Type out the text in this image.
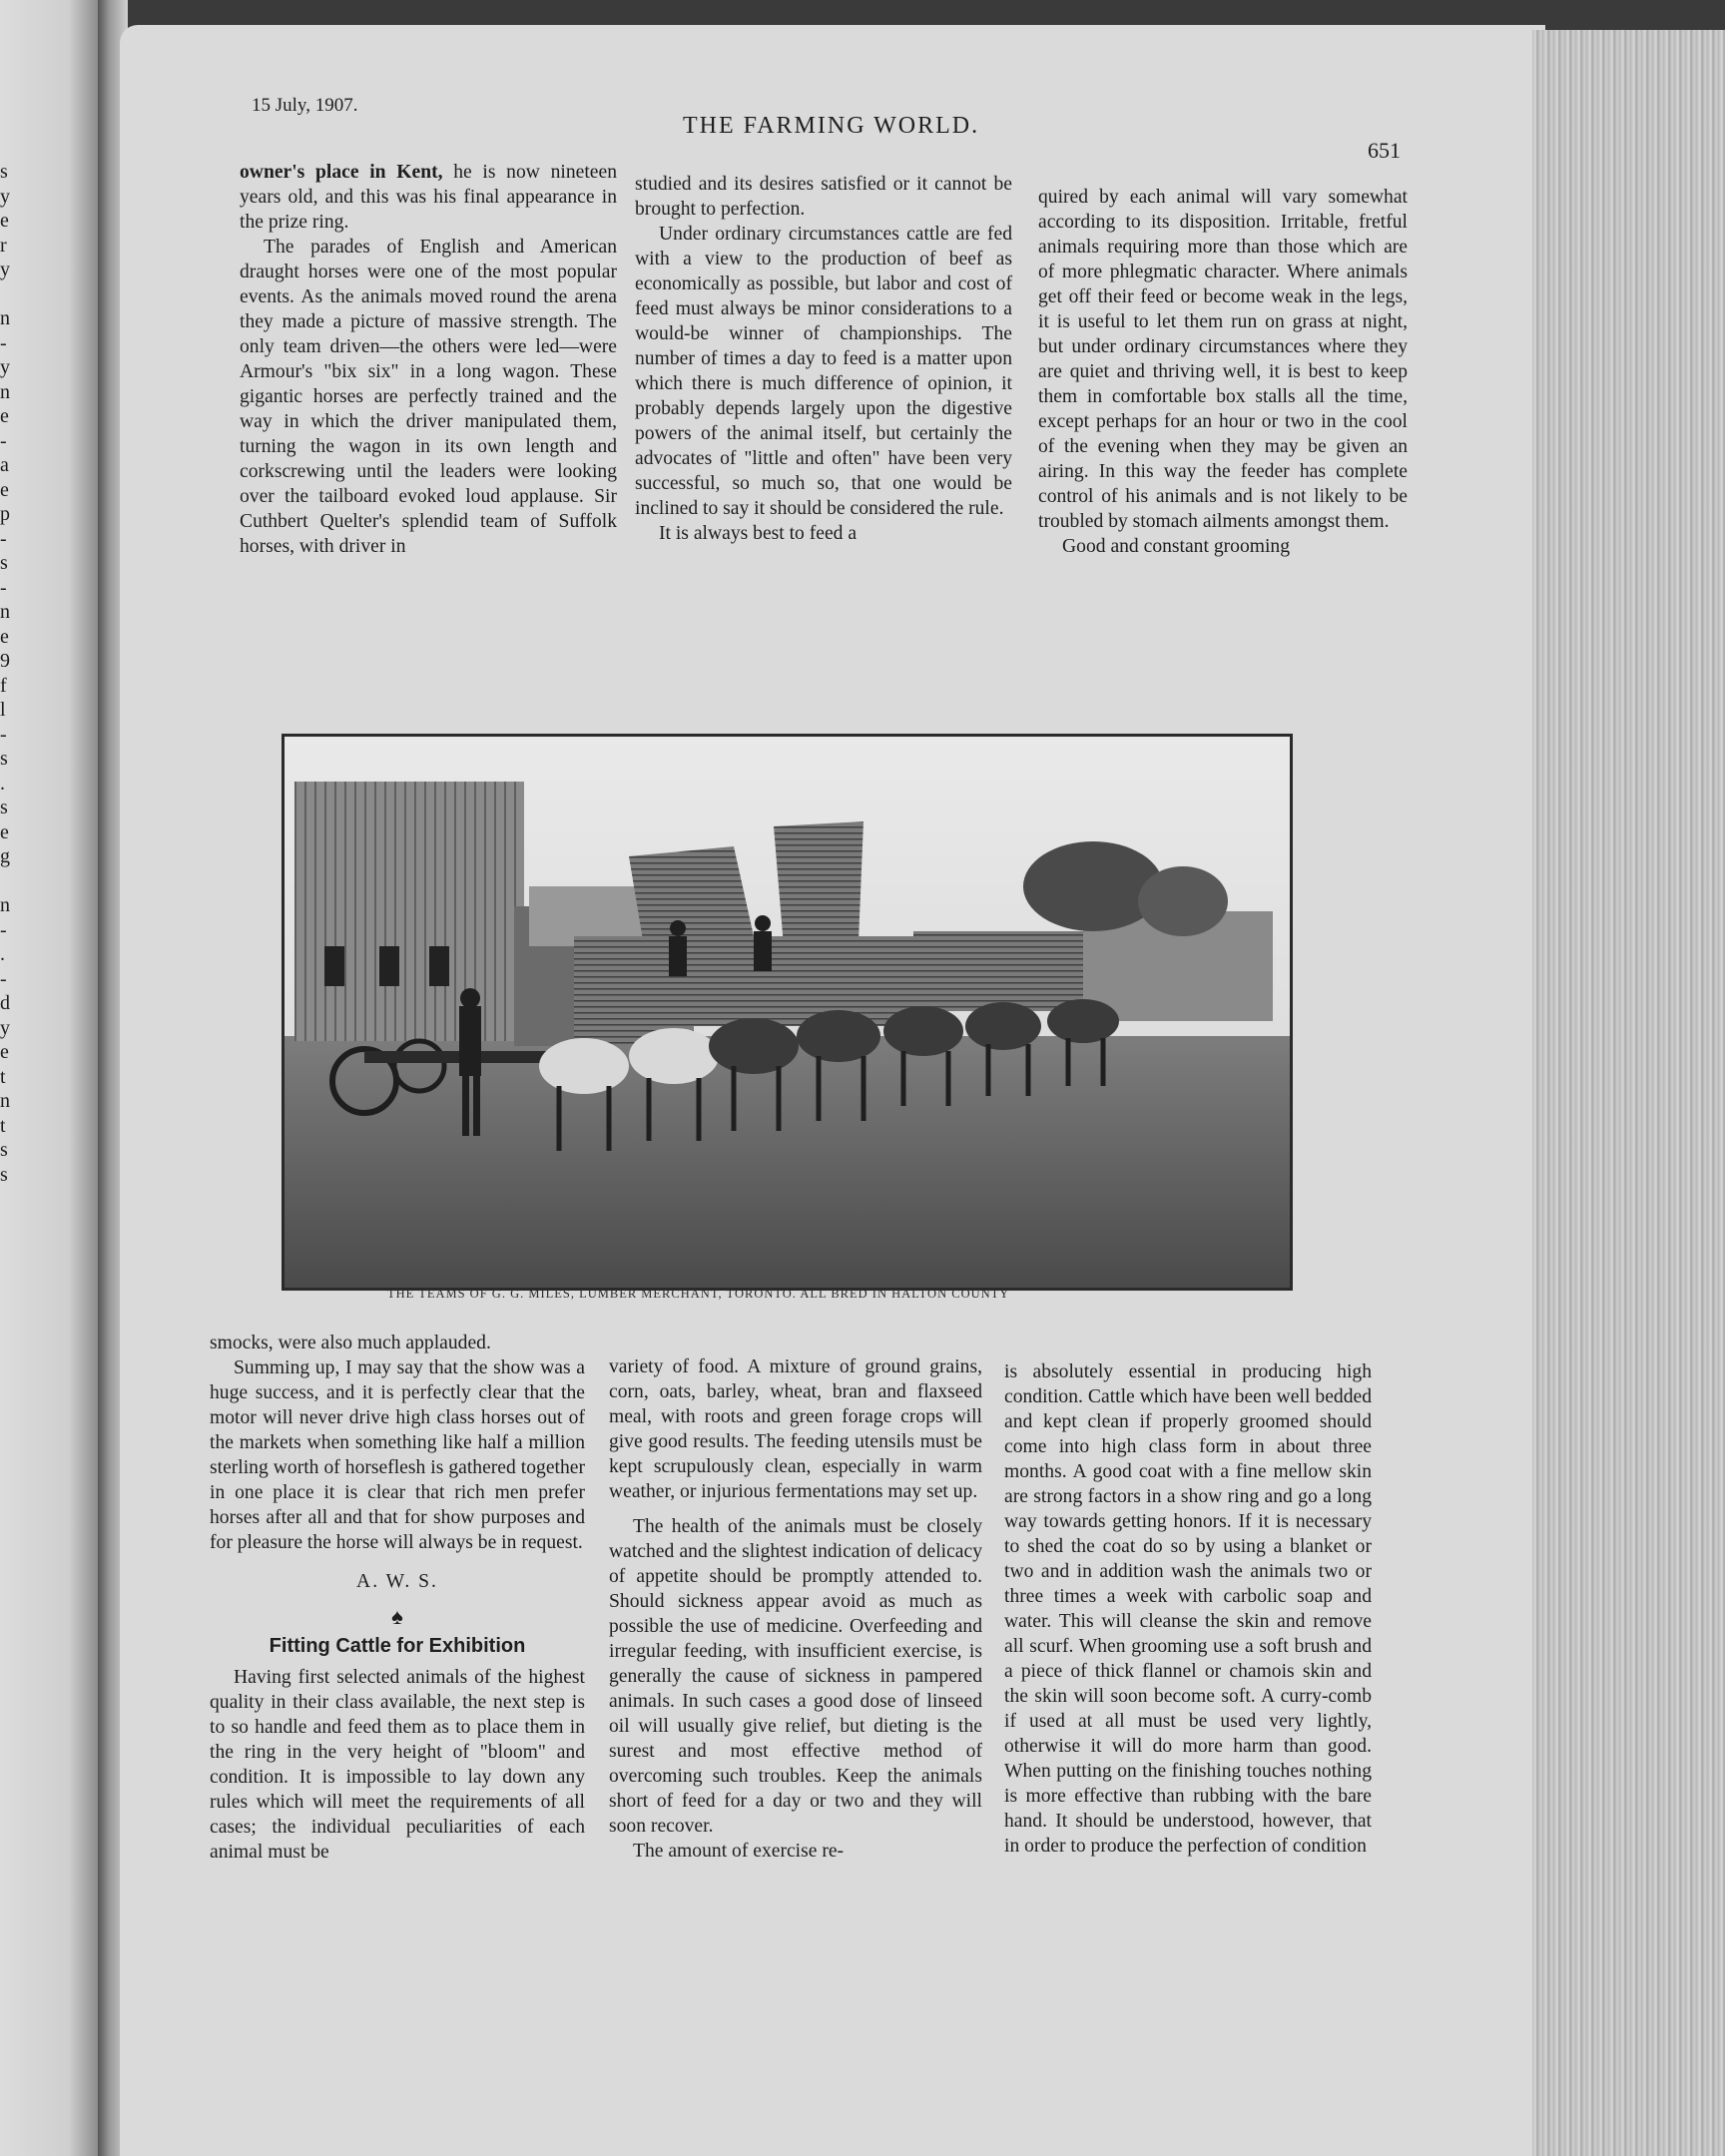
s
y
e
r
y
n
-
y
n
e
-
a
e
p
-
s
-
n
e
9
f
l
-
s
.
s
e
g
n
-
.
-
d
y
e
t
n
t
s
s
15 July, 1907.
THE FARMING WORLD.
651

owner's place in Kent, he is now nineteen years old, and this was his final appearance in the prize ring.

The parades of English and American draught horses were one of the most popular events. As the animals moved round the arena they made a picture of massive strength. The only team driven—the others were led—were Armour's "bix six" in a long wagon. These gigantic horses are perfectly trained and the way in which the driver manipulated them, turning the wagon in its own length and corkscrewing until the leaders were looking over the tailboard evoked loud applause. Sir Cuthbert Quelter's splendid team of Suffolk horses, with driver in

studied and its desires satisfied or it cannot be brought to perfection.

Under ordinary circumstances cattle are fed with a view to the production of beef as economically as possible, but labor and cost of feed must always be minor considerations to a would-be winner of championships. The number of times a day to feed is a matter upon which there is much difference of opinion, it probably depends largely upon the digestive powers of the animal itself, but certainly the advocates of "little and often" have been very successful, so much so, that one would be inclined to say it should be considered the rule.

It is always best to feed a

quired by each animal will vary somewhat according to its disposition. Irritable, fretful animals requiring more than those which are of more phlegmatic character. Where animals get off their feed or become weak in the legs, it is useful to let them run on grass at night, but under ordinary circumstances where they are quiet and thriving well, it is best to keep them in comfortable box stalls all the time, except perhaps for an hour or two in the cool of the evening when they may be given an airing. In this way the feeder has complete control of his animals and is not likely to be troubled by stomach ailments amongst them.

Good and constant grooming

THE TEAMS OF G. G. MILES, LUMBER MERCHANT, TORONTO. ALL BRED IN HALTON COUNTY

smocks, were also much applauded.

Summing up, I may say that the show was a huge success, and it is perfectly clear that the motor will never drive high class horses out of the markets when something like half a million sterling worth of horseflesh is gathered together in one place it is clear that rich men prefer horses after all and that for show purposes and for pleasure the horse will always be in request.

A. W. S.

♠

Fitting Cattle for Exhibition

Having first selected animals of the highest quality in their class available, the next step is to so handle and feed them as to place them in the ring in the very height of "bloom" and condition. It is impossible to lay down any rules which will meet the requirements of all cases; the individual peculiarities of each animal must be

variety of food. A mixture of ground grains, corn, oats, barley, wheat, bran and flaxseed meal, with roots and green forage crops will give good results. The feeding utensils must be kept scrupulously clean, especially in warm weather, or injurious fermentations may set up.

The health of the animals must be closely watched and the slightest indication of delicacy of appetite should be promptly attended to. Should sickness appear avoid as much as possible the use of medicine. Overfeeding and irregular feeding, with insufficient exercise, is generally the cause of sickness in pampered animals. In such cases a good dose of linseed oil will usually give relief, but dieting is the surest and most effective method of overcoming such troubles. Keep the animals short of feed for a day or two and they will soon recover.

The amount of exercise re-

is absolutely essential in producing high condition. Cattle which have been well bedded and kept clean if properly groomed should come into high class form in about three months. A good coat with a fine mellow skin are strong factors in a show ring and go a long way towards getting honors. If it is necessary to shed the coat do so by using a blanket or two and in addition wash the animals two or three times a week with carbolic soap and water. This will cleanse the skin and remove all scurf. When grooming use a soft brush and a piece of thick flannel or chamois skin and the skin will soon become soft. A curry-comb if used at all must be used very lightly, otherwise it will do more harm than good. When putting on the finishing touches nothing is more effective than rubbing with the bare hand. It should be understood, however, that in order to produce the perfection of condition
